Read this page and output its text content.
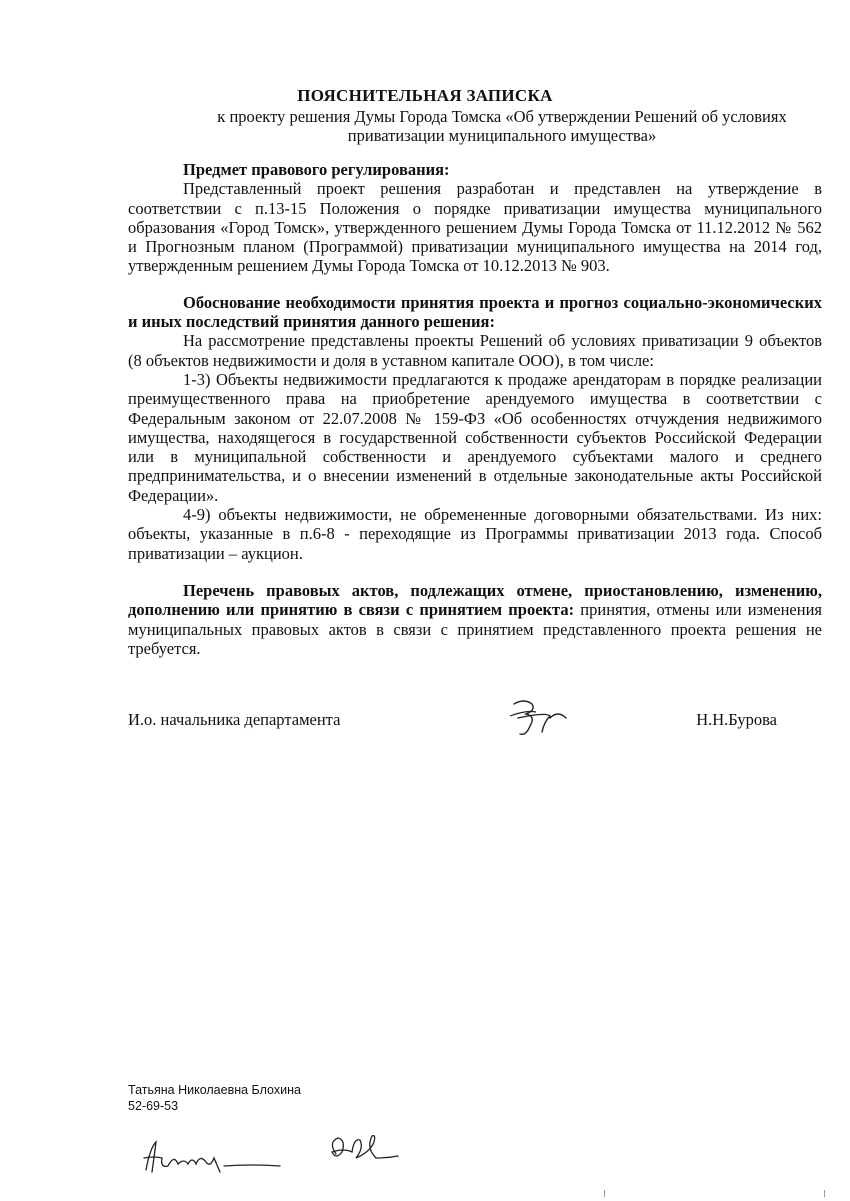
ПОЯСНИТЕЛЬНАЯ ЗАПИСКА
к проекту решения Думы Города Томска «Об утверждении Решений об условиях
приватизации муниципального имущества»

Предмет правового регулирования:

Представленный проект решения разработан и представлен на утверждение в соответствии с п.13-15 Положения о порядке приватизации имущества муниципального образования «Город Томск», утвержденного решением Думы Города Томска от 11.12.2012 № 562 и Прогнозным планом (Программой) приватизации муниципального имущества на 2014 год, утвержденным решением Думы Города Томска от 10.12.2013 № 903.

Обоснование необходимости принятия проекта и прогноз социально-экономических и иных последствий принятия данного решения:

На рассмотрение представлены проекты Решений об условиях приватизации 9 объектов (8 объектов недвижимости и доля в уставном капитале ООО), в том числе:

1-3) Объекты недвижимости предлагаются к продаже арендаторам в порядке реализации преимущественного права на приобретение арендуемого имущества в соответствии с Федеральным законом от 22.07.2008 № 159-ФЗ «Об особенностях отчуждения недвижимого имущества, находящегося в государственной собственности субъектов Российской Федерации или в муниципальной собственности и арендуемого субъектами малого и среднего предпринимательства, и о внесении изменений в отдельные законодательные акты Российской Федерации».

4-9) объекты недвижимости, не обремененные договорными обязательствами. Из них: объекты, указанные в п.6-8 - переходящие из Программы приватизации 2013 года. Способ приватизации – аукцион.

Перечень правовых актов, подлежащих отмене, приостановлению, изменению, дополнению или принятию в связи с принятием проекта: принятия, отмены или изменения муниципальных правовых актов в связи с принятием представленного проекта решения не требуется.

И.о. начальника департамента	Н.Н.Бурова
Татьяна Николаевна Блохина
52-69-53
